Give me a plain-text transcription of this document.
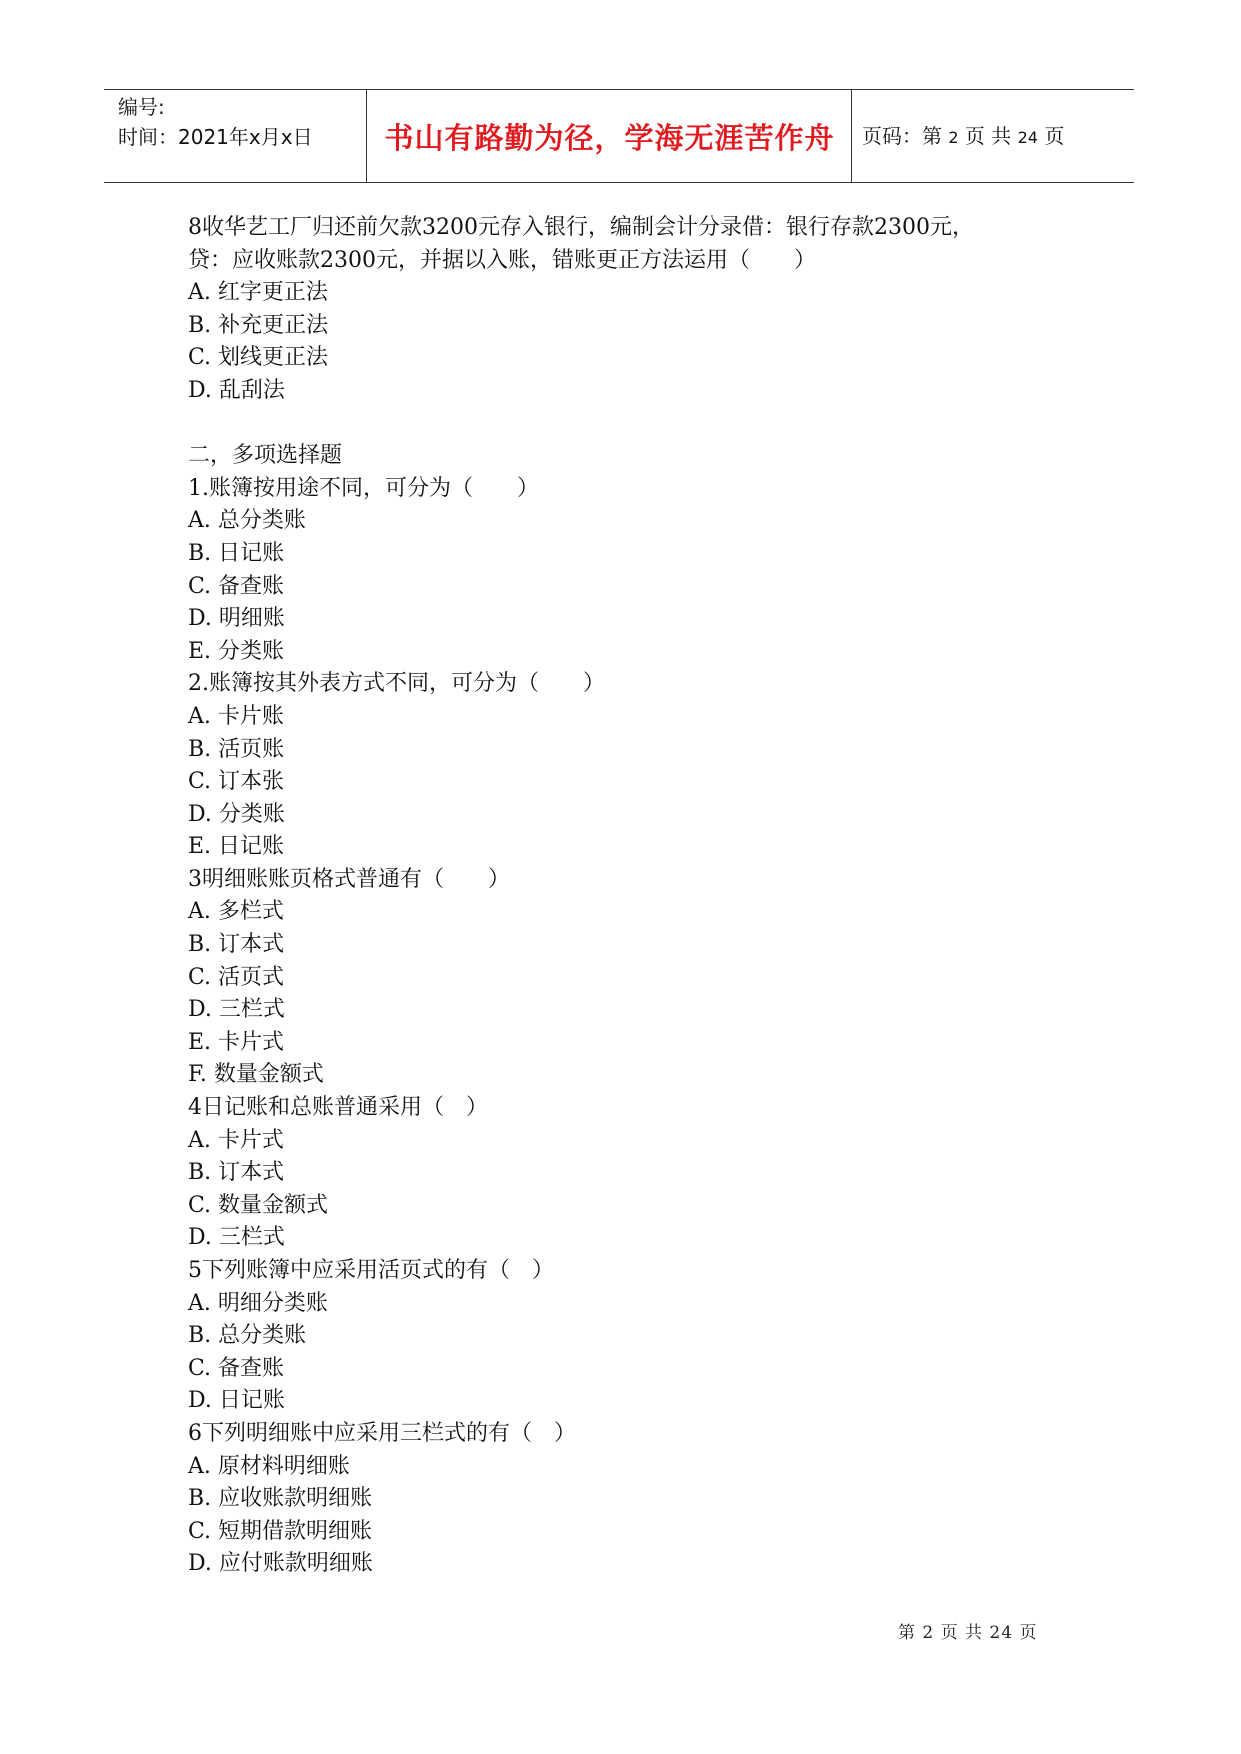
编号:
时间：2021年x月x日	书山有路勤为径，学海无涯苦作舟	页码：第 2 页 共 24 页
8收华艺工厂归还前欠款3200元存入银行，编制会计分录借：银行存款2300元，
贷：应收账款2300元，并据以入账，错账更正方法运用（　　）
A. 红字更正法
B. 补充更正法
C. 划线更正法
D. 乱刮法
二，多项选择题
1.账簿按用途不同，可分为（　　）
A. 总分类账
B. 日记账
C. 备查账
D. 明细账
E. 分类账
2.账簿按其外表方式不同，可分为（　　）
A. 卡片账
B. 活页账
C. 订本张
D. 分类账
E. 日记账
3明细账账页格式普通有（　　）
A. 多栏式
B. 订本式
C. 活页式
D. 三栏式
E. 卡片式
F. 数量金额式
4日记账和总账普通采用（　）
A. 卡片式
B. 订本式
C. 数量金额式
D. 三栏式
5下列账簿中应采用活页式的有（　）
A. 明细分类账
B. 总分类账
C. 备查账
D. 日记账
6下列明细账中应采用三栏式的有（　）
A. 原材料明细账
B. 应收账款明细账
C. 短期借款明细账
D. 应付账款明细账
第 2 页 共 24 页
